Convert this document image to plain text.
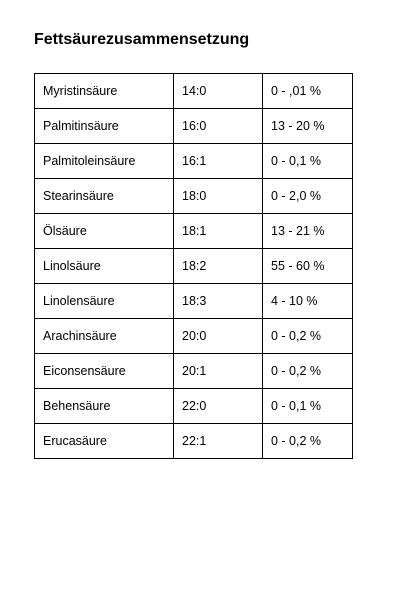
Fettsäurezusammensetzung
Myristinsäure	14:0	0 - ,01 %
Palmitinsäure	16:0	13 - 20 %
Palmitoleinsäure	16:1	0 - 0,1 %
Stearinsäure	18:0	0 - 2,0 %
Ölsäure	18:1	13 - 21 %
Linolsäure	18:2	55 - 60 %
Linolensäure	18:3	4 - 10 %
Arachinsäure	20:0	0 - 0,2 %
Eiconsensäure	20:1	0 - 0,2 %
Behensäure	22:0	0 - 0,1 %
Erucasäure	22:1	0 - 0,2 %
